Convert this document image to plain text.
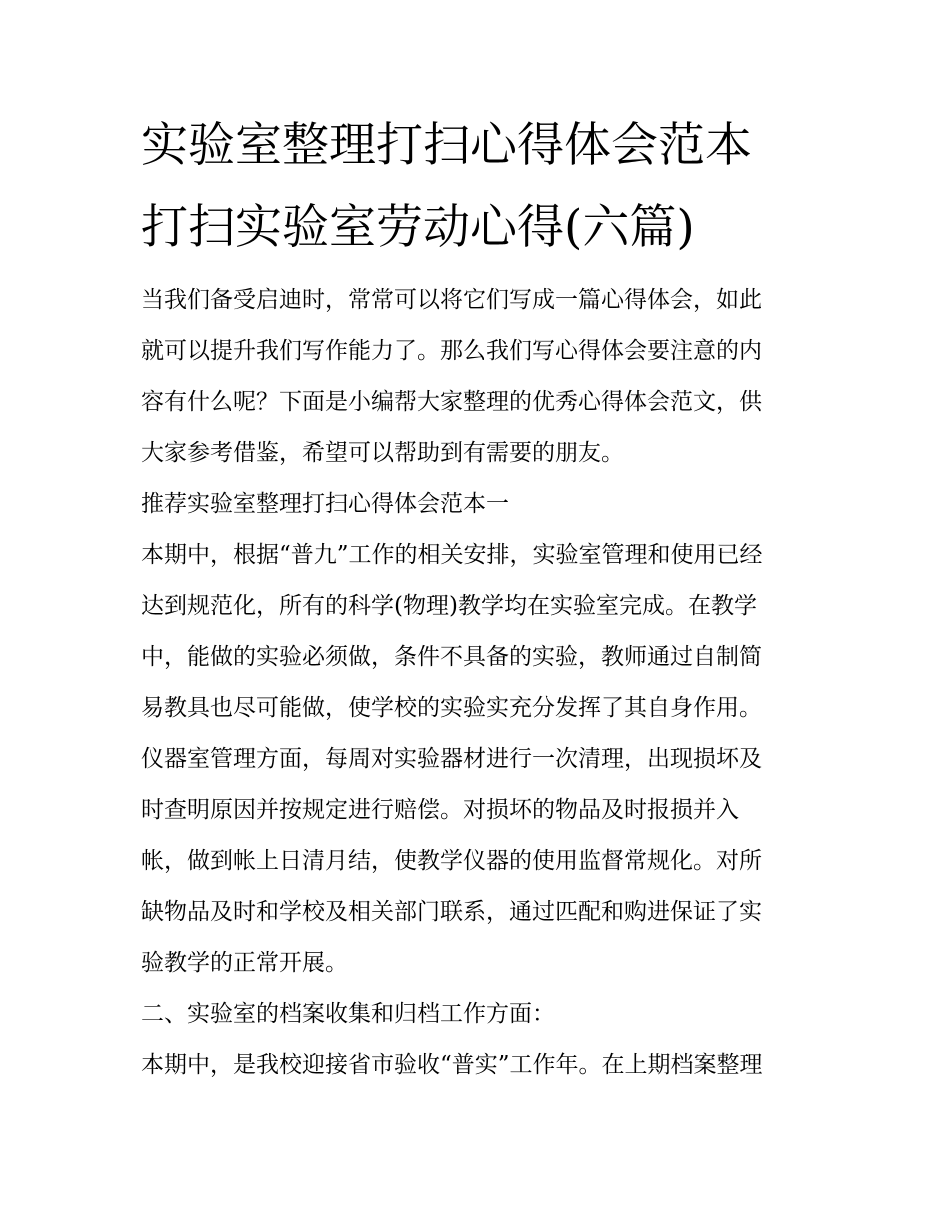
实验室整理打扫心得体会范本
打扫实验室劳动心得(六篇)
当我们备受启迪时，常常可以将它们写成一篇心得体会，如此
就可以提升我们写作能力了。那么我们写心得体会要注意的内
容有什么呢？下面是小编帮大家整理的优秀心得体会范文，供
大家参考借鉴，希望可以帮助到有需要的朋友。
推荐实验室整理打扫心得体会范本一
本期中，根据“普九”工作的相关安排，实验室管理和使用已经
达到规范化，所有的科学(物理)教学均在实验室完成。在教学
中，能做的实验必须做，条件不具备的实验，教师通过自制简
易教具也尽可能做，使学校的实验实充分发挥了其自身作用。
仪器室管理方面，每周对实验器材进行一次清理，出现损坏及
时查明原因并按规定进行赔偿。对损坏的物品及时报损并入
帐，做到帐上日清月结，使教学仪器的使用监督常规化。对所
缺物品及时和学校及相关部门联系，通过匹配和购进保证了实
验教学的正常开展。
二、实验室的档案收集和归档工作方面：
本期中，是我校迎接省市验收“普实”工作年。在上期档案整理
